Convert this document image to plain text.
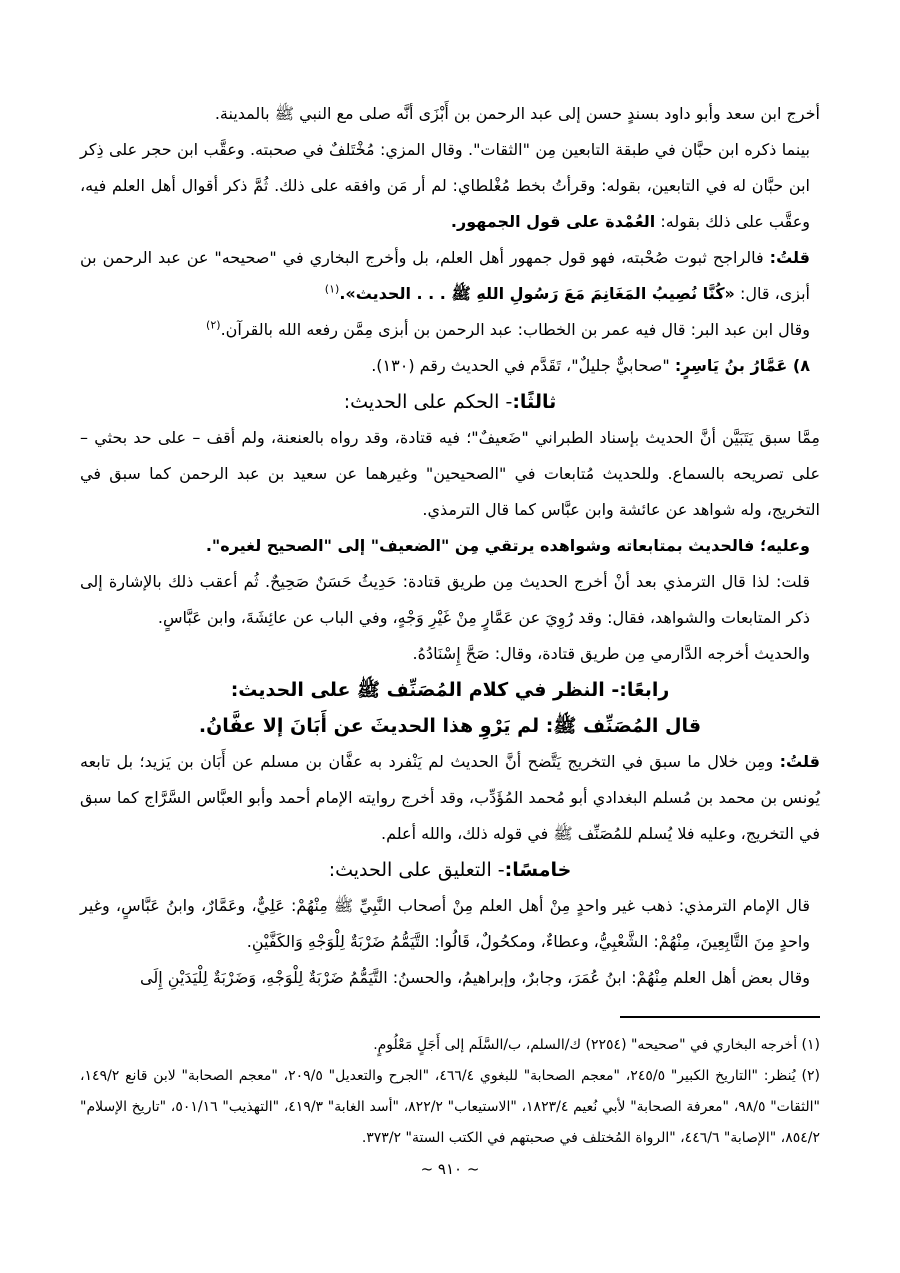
أخرج ابن سعد وأبو داود بسندٍ حسن إلى عبد الرحمن بن أَبْزَى أنَّه صلى مع النبي ﷺ بالمدينة.

بينما ذكره ابن حبَّان في طبقة التابعين مِن "الثقات". وقال المزي: مُخْتَلفٌ في صحبته. وعقَّب ابن حجر على ذِكر ابن حبَّان له في التابعين، بقوله: وقرأتُ بخط مُغْلطاي: لم أر مَن وافقه على ذلك. ثُمَّ ذكر أقوال أهل العلم فيه، وعقَّب على ذلك بقوله: العُمْدة على قول الجمهور.

قلتُ: فالراجح ثبوت صُحْبته، فهو قول جمهور أهل العلم، بل وأخرج البخاري في "صحيحه" عن عبد الرحمن بن أبزى، قال: «كُنَّا نُصِيبُ المَغَانِمَ مَعَ رَسُولِ اللهِ ﷺ . . . الحديث».$^{(١)}$

وقال ابن عبد البر: قال فيه عمر بن الخطاب: عبد الرحمن بن أبزى مِمَّن رفعه الله بالقرآن.$^{(٢)}$

٨) عَمَّارُ بنُ يَاسِرٍ: "صحابيٌّ جليلٌ"، تَقَدَّم في الحديث رقم (١٣٠).

ثالثًا:- الحكم على الحديث:

مِمَّا سبق يَتَبَيَّن أنَّ الحديث بإسناد الطبراني "ضَعيفٌ"؛ فيه قتادة، وقد رواه بالعنعنة، ولم أقف – على حد بحثي – على تصريحه بالسماع. وللحديث مُتابعات في "الصحيحين" وغيرهما عن سعيد بن عبد الرحمن كما سبق في التخريج، وله شواهد عن عائشة وابن عبَّاس كما قال الترمذي.

وعليه؛ فالحديث بمتابعاته وشواهده يرتقي مِن "الضعيف" إلى "الصحيح لغيره".

قلت: لذا قال الترمذي بعد أنْ أخرج الحديث مِن طريق قتادة: حَدِيثُ حَسَنٌ صَحِيحٌ. ثُم أعقب ذلك بالإشارة إلى ذكر المتابعات والشواهد، فقال: وقد رُوِيَ عن عَمَّارٍ مِنْ غَيْرِ وَجْهٍ، وفي الباب عن عائِشَةَ، وابن عَبَّاسٍ.

والحديث أخرجه الدَّارمي مِن طريق قتادة، وقال: صَحَّ إِسْنَادُهُ.

رابعًا:- النظر في كلام المُصَنِّف ﷺ على الحديث:

قال المُصَنِّف ﷺ: لم يَرْوِ هذا الحديثَ عن أَبَانَ إلا عفَّانُ.

قلتُ: ومِن خلال ما سبق في التخريج يَتَّضح أنَّ الحديث لم يَنْفرد به عفَّان بن مسلم عن أَبَان بن يَزيد؛ بل تابعه يُونس بن محمد بن مُسلم البغدادي أبو مُحمد المُؤَدِّب، وقد أخرج روايته الإمام أحمد وأبو العبَّاس السَّرَّاج كما سبق في التخريج، وعليه فلا يُسلم للمُصَنِّف ﷺ في قوله ذلك، والله أعلم.

خامسًا:- التعليق على الحديث:

قال الإمام الترمذي: ذهب غير واحدٍ مِنْ أهل العلم مِنْ أصحاب النَّبِيِّ ﷺ مِنْهُمْ: عَلِيٌّ، وعَمَّارٌ، وابنُ عَبَّاسٍ، وغير واحدٍ مِنَ التَّابِعِينَ، مِنْهُمْ: الشَّعْبِيُّ، وعطاءٌ، ومكحُولٌ، قَالُوا: التَّيَمُّمُ ضَرْبَةٌ لِلْوَجْهِ وَالكَفَّيْنِ.

وقال بعض أهل العلم مِنْهُمْ: ابنُ عُمَرَ، وجابرٌ، وإبراهيمُ، والحسنُ: التَّيَمُّمُ ضَرْبَةٌ لِلْوَجْهِ، وَضَرْبَةٌ لِلْيَدَيْنِ إِلَى

(١) أخرجه البخاري في "صحيحه" (٢٢٥٤) ك/السلم، ب/السَّلَم إلى أَجَلٍ مَعْلُومٍ.

(٢) يُنظر: "التاريخ الكبير" ٢٤٥/٥، "معجم الصحابة" للبغوي ٤٦٦/٤، "الجرح والتعديل" ٢٠٩/٥، "معجم الصحابة" لابن قانع ١٤٩/٢، "الثقات" ٩٨/٥، "معرفة الصحابة" لأبي نُعيم ١٨٢٣/٤، "الاستيعاب" ٨٢٢/٢، "أسد الغابة" ٤١٩/٣، "التهذيب" ٥٠١/١٦، "تاريخ الإسلام" ٨٥٤/٢، "الإصابة" ٤٤٦/٦، "الرواة المُختلف في صحبتهم في الكتب الستة" ٣٧٣/٢.

~ ٩١٠ ~
